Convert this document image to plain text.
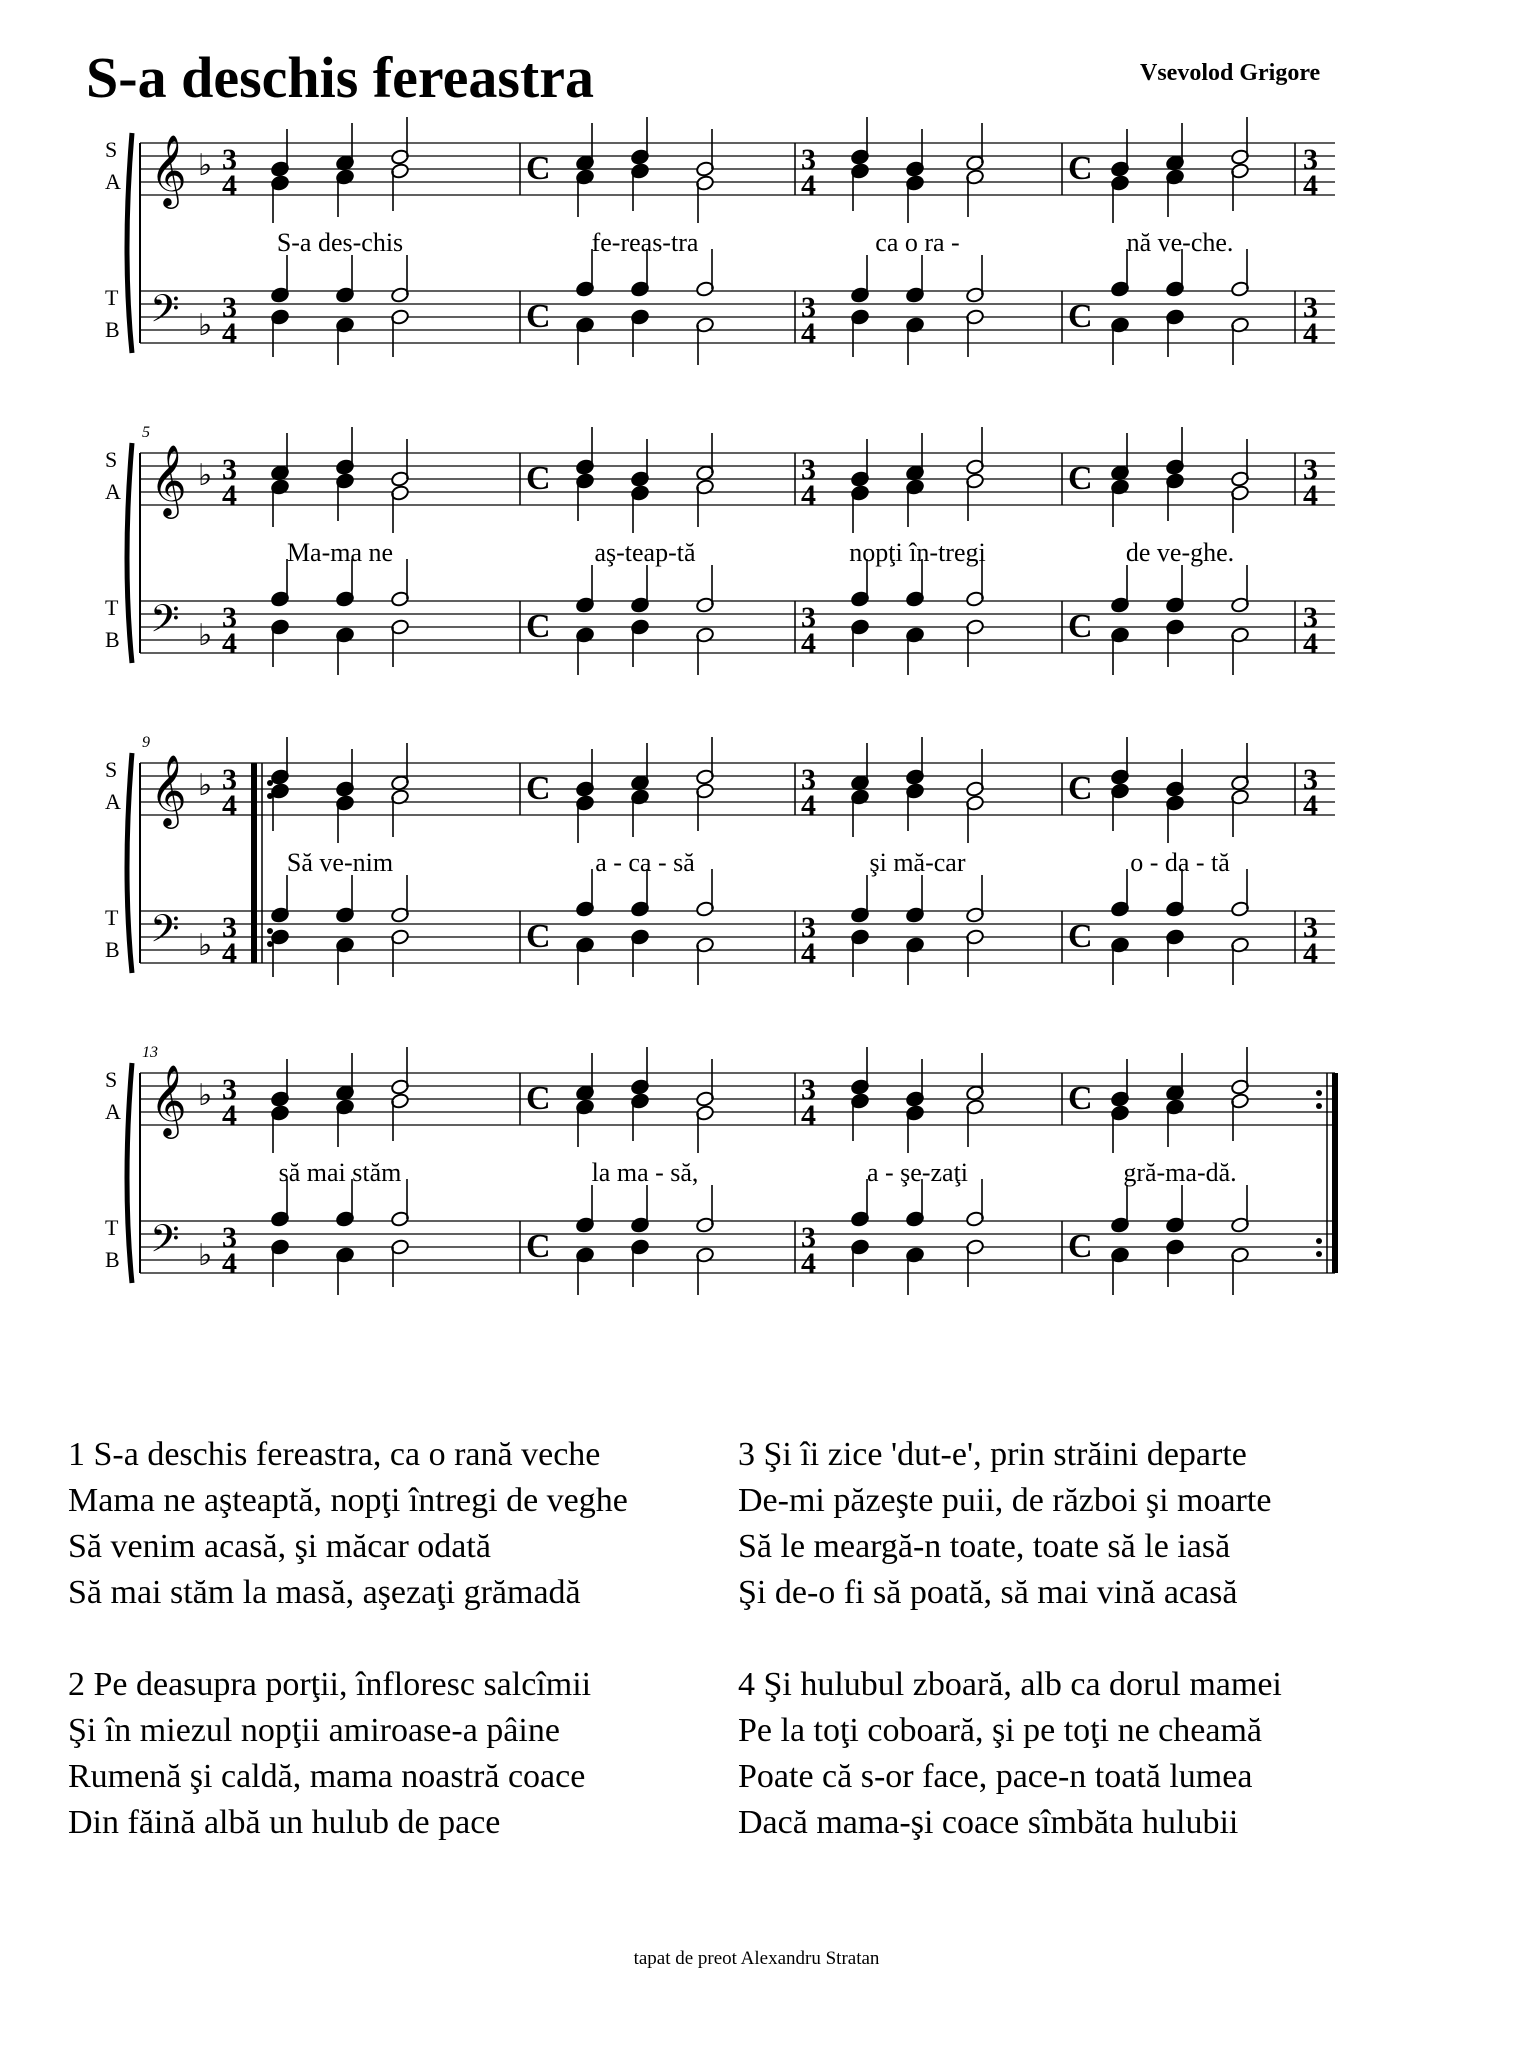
S-a deschis fereastra	Vsevolod Grigore
S
A
T
B
𝄞
𝄢
♭
♭
3
4
3
4
C
C
3
4
3
4
C
C
3
4
3
4
S-a des-chis	fe-reas-tra	ca o ra -	nă ve-che.
S
A
T
B
5
𝄞
𝄢
♭
♭
3
4
3
4
C
C
3
4
3
4
C
C
3
4
3
4
Ma-ma ne	aş-teap-tă	nopţi în-tregi	de ve-ghe.
S
A
T
B
9
𝄞
𝄢
♭
♭
3
4
3
4
C
C
3
4
3
4
C
C
3
4
3
4
Să ve-nim	a - ca - să	şi mă-car	o - da - tă
S
A
T
B
13
𝄞
𝄢
♭
♭
3
4
3
4
C
C
3
4
3
4
C
C
să mai stăm	la ma - să,	a - şe-zaţi	gră-ma-dă.

1 S-a deschis fereastra, ca o rană veche

Mama ne aşteaptă, nopţi întregi de veghe

Să venim acasă, şi măcar odată

Să mai stăm la masă, aşezaţi grămadă

2 Pe deasupra porţii, înfloresc salcîmii

Şi în miezul nopţii amiroase-a pâine

Rumenă şi caldă, mama noastră coace

Din făină albă un hulub de pace

3 Şi îi zice 'dut-e', prin străini departe

De-mi păzeşte puii, de război şi moarte

Să le meargă-n toate, toate să le iasă

Şi de-o fi să poată, să mai vină acasă

4 Şi hulubul zboară, alb ca dorul mamei

Pe la toţi coboară, şi pe toţi ne cheamă

Poate că s-or face, pace-n toată lumea

Dacă mama-şi coace sîmbăta hulubii

tapat de preot Alexandru Stratan
